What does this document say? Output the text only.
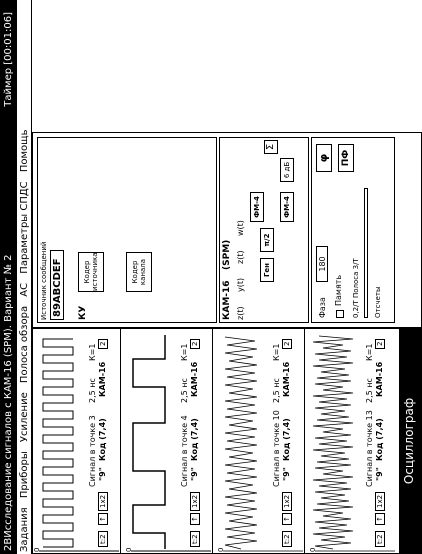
2ВИсследование сигналов с КАМ-16 (SPM). Вариант № 2
Таймер [00:01:06]
Задания Приборы Усиление Полоса обзора АС Параметры СПДС Помощь
0
Сигнал в точке 3
2,5 нс
К=1
t:2
↑
1x2
"9"
Код (7,4)
КАМ-16
2
0
Сигнал в точке 4
2,5 нс
К=1
t:2
↑
1x2
"9"
Код (7,4)
КАМ-16
2
0
Сигнал в точке 10
2,5 нс
К=1
t:2
↑
1x2
"9"
Код (7,4)
КАМ-16
2
0
Сигнал в точке 13
2,5 нс
К=1
t:2
↑
1x2
"9"
Код (7,4)
КАМ-16
2
Осциллограф
Источник сообщений 89ABCDEF КУ
Кодер источника	Кодер канала
КАМ-16
(SPM)
z(t)
y(t)
z(t)
w(t)
Ген
π/2
ФМ-4	ФМ-4
6 дБ
Σ
φ	ПФ
Фаза
180
Память 0,2/Т Полоса 3/Т Отсчеты
